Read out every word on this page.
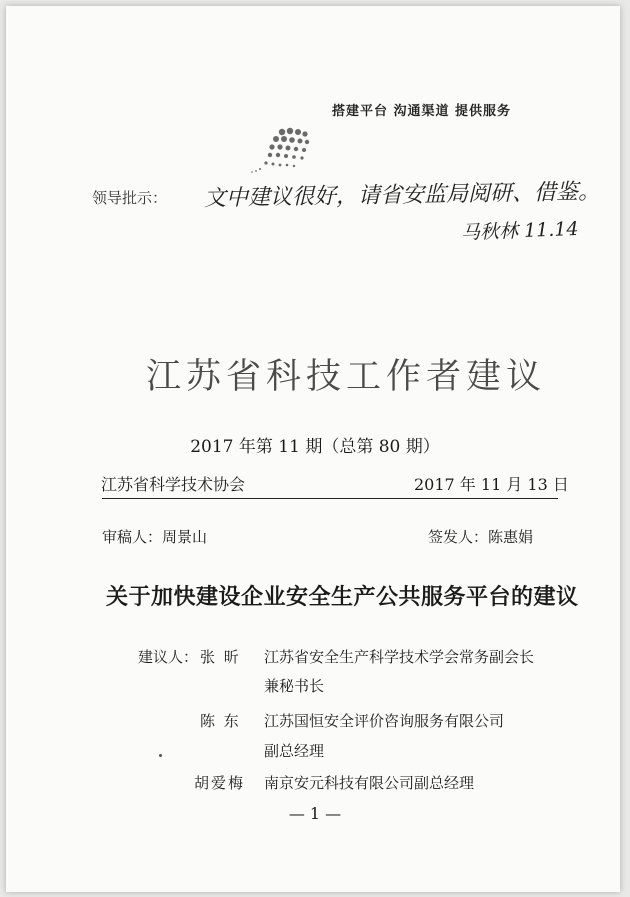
搭建平台 沟通渠道 提供服务
领导批示： 文中建议很好，请省安监局阅研、借鉴。
马秋林 11.14
江苏省科技工作者建议
2017 年第 11 期（总第 80 期）
江苏省科学技术协会	2017 年 11 月 13 日
审稿人：周景山	签发人：陈惠娟
关于加快建设企业安全生产公共服务平台的建议
建议人： 张 昕 江苏省安全生产科学技术学会常务副会长
兼秘书长
陈 东 江苏国恒安全评价咨询服务有限公司
副总经理
胡爱梅 南京安元科技有限公司副总经理
— 1 —
